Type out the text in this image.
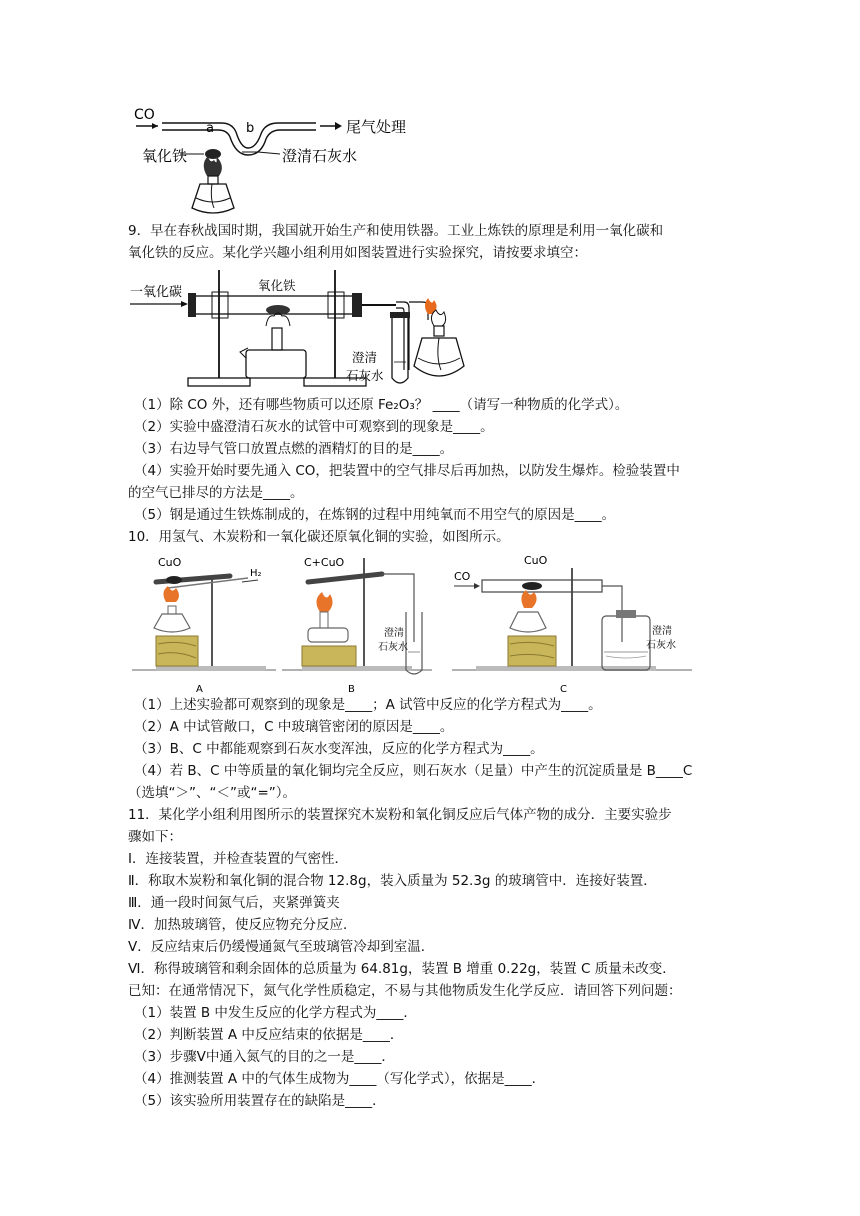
CO
a b	尾气处理
氧化铁	澄清石灰水
9．早在春秋战国时期，我国就开始生产和使用铁器。工业上炼铁的原理是利用一氧化碳和
氧化铁的反应。某化学兴趣小组利用如图装置进行实验探究，请按要求填空：
一氧化碳	氧化铁
澄清
石灰水
（1）除 CO 外，还有哪些物质可以还原 Fe₂O₃？ ____（请写一种物质的化学式）。
（2）实验中盛澄清石灰水的试管中可观察到的现象是____。
（3）右边导气管口放置点燃的酒精灯的目的是____。
（4）实验开始时要先通入 CO，把装置中的空气排尽后再加热，以防发生爆炸。检验装置中
的空气已排尽的方法是____。
（5）钢是通过生铁炼制成的，在炼钢的过程中用纯氧而不用空气的原因是____。
10．用氢气、木炭粉和一氧化碳还原氧化铜的实验，如图所示。
CuO
H₂
A
C+CuO
澄清
石灰水
B
CO
CuO
澄清
石灰水
C
（1）上述实验都可观察到的现象是____；A 试管中反应的化学方程式为____。
（2）A 中试管敞口，C 中玻璃管密闭的原因是____。
（3）B、C 中都能观察到石灰水变浑浊，反应的化学方程式为____。
（4）若 B、C 中等质量的氧化铜均完全反应，则石灰水（足量）中产生的沉淀质量是 B____C
（选填“＞”、“＜”或“=”）。
11．某化学小组利用图所示的装置探究木炭粉和氧化铜反应后气体产物的成分．主要实验步
骤如下：
Ⅰ．连接装置，并检查装置的气密性．
Ⅱ．称取木炭粉和氧化铜的混合物 12.8g，装入质量为 52.3g 的玻璃管中．连接好装置．
Ⅲ．通一段时间氮气后，夹紧弹簧夹
Ⅳ．加热玻璃管，使反应物充分反应．
Ⅴ．反应结束后仍缓慢通氮气至玻璃管冷却到室温．
Ⅵ．称得玻璃管和剩余固体的总质量为 64.81g，装置 B 增重 0.22g，装置 C 质量未改变．
已知：在通常情况下，氮气化学性质稳定，不易与其他物质发生化学反应．请回答下列问题：
（1）装置 B 中发生反应的化学方程式为____．
（2）判断装置 A 中反应结束的依据是____．
（3）步骤Ⅴ中通入氮气的目的之一是____．
（4）推测装置 A 中的气体生成物为____（写化学式），依据是____．
（5）该实验所用装置存在的缺陷是____．
